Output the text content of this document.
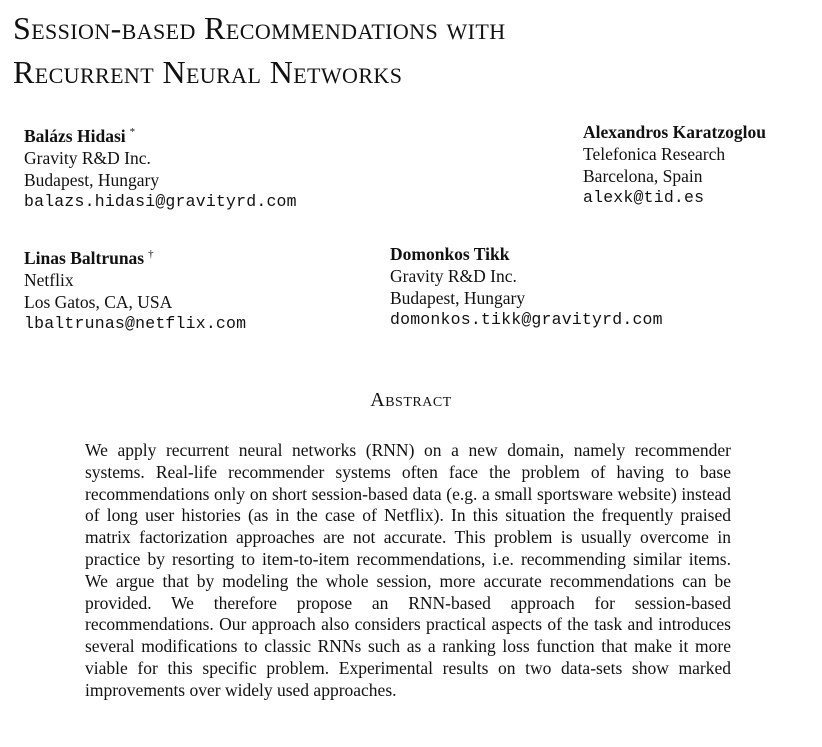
Session-based Recommendations with
Recurrent Neural Networks
Balázs Hidasi *
Gravity R&D Inc.
Budapest, Hungary
balazs.hidasi@gravityrd.com
Alexandros Karatzoglou
Telefonica Research
Barcelona, Spain
alexk@tid.es
Linas Baltrunas †
Netflix
Los Gatos, CA, USA
lbaltrunas@netflix.com
Domonkos Tikk
Gravity R&D Inc.
Budapest, Hungary
domonkos.tikk@gravityrd.com
Abstract

We apply recurrent neural networks (RNN) on a new domain, namely recommender systems. Real-life recommender systems often face the problem of having to base recommendations only on short session-based data (e.g. a small sportsware website) instead of long user histories (as in the case of Netflix). In this situation the frequently praised matrix factorization approaches are not accurate. This problem is usually overcome in practice by resorting to item-to-item recommendations, i.e. recommending similar items. We argue that by modeling the whole session, more accurate recommendations can be provided. We therefore propose an RNN-based approach for session-based recommendations. Our approach also considers practical aspects of the task and introduces several modifications to classic RNNs such as a ranking loss function that make it more viable for this specific problem. Experimental results on two data-sets show marked improvements over widely used approaches.
